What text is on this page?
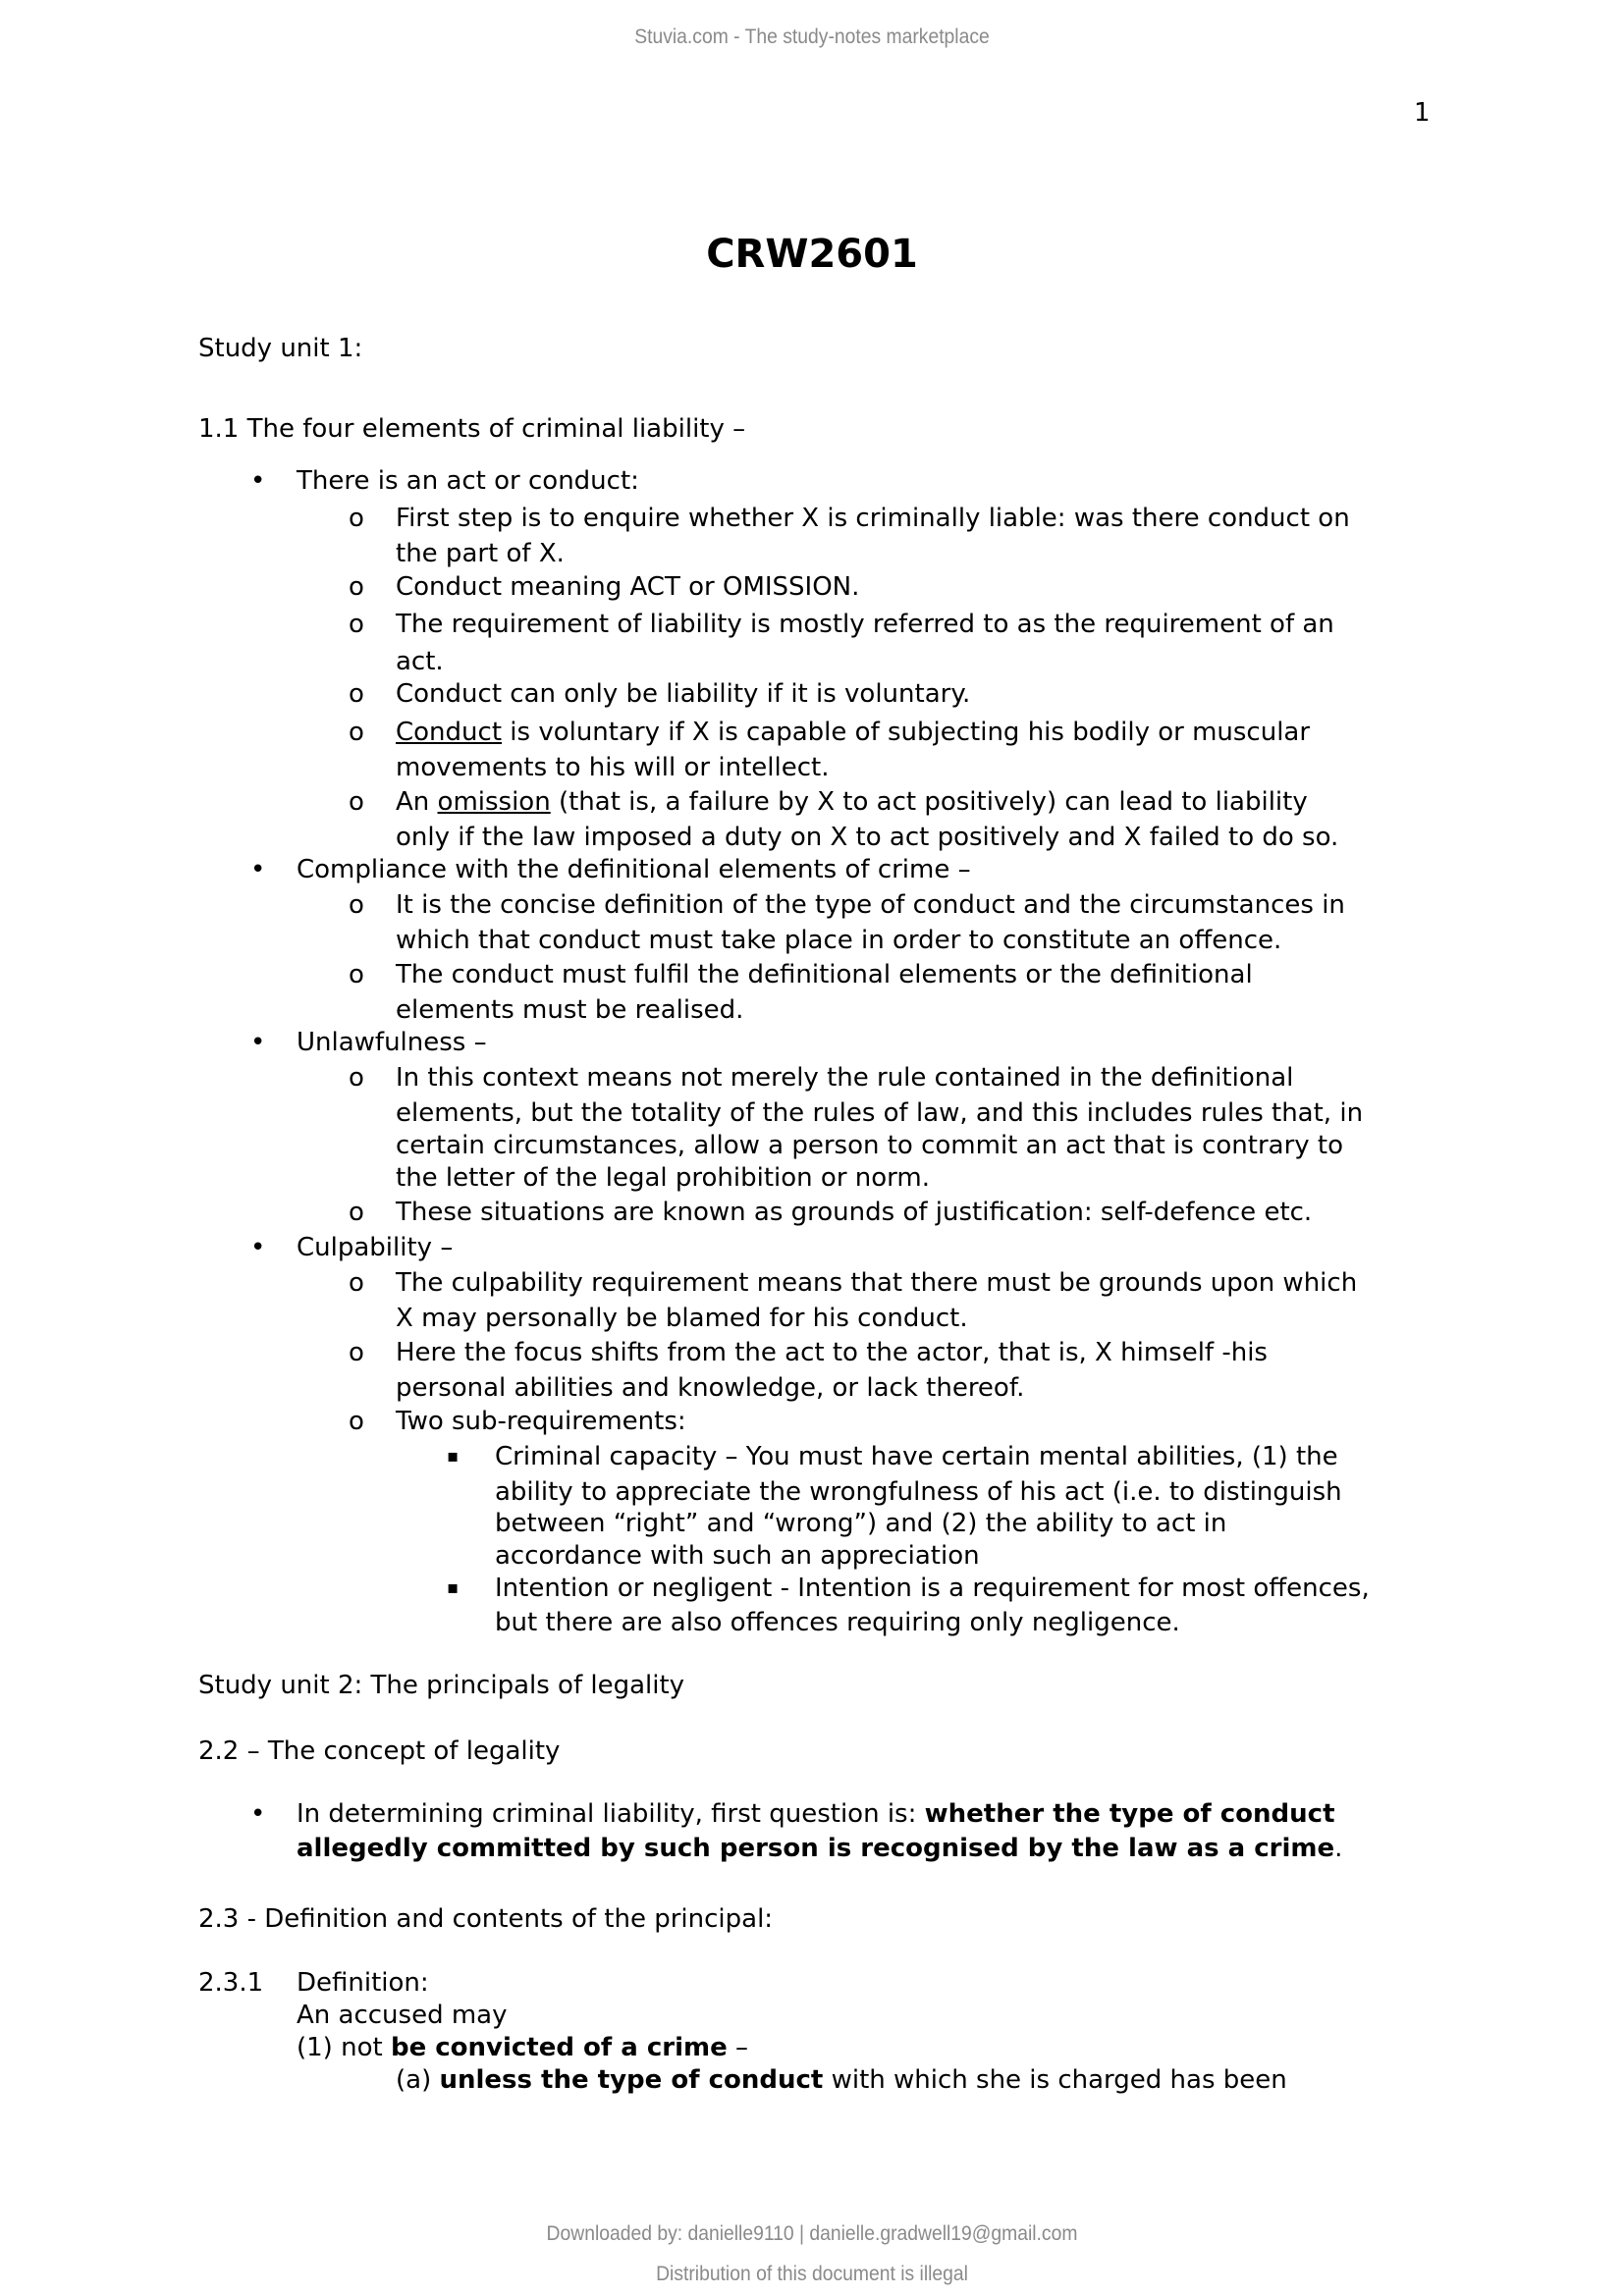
Stuvia.com - The study-notes marketplace
1
CRW2601
Study unit 1:
1.1 The four elements of criminal liability –
• There is an act or conduct:
o First step is to enquire whether X is criminally liable: was there conduct on
the part of X.
o Conduct meaning ACT or OMISSION.
o The requirement of liability is mostly referred to as the requirement of an
act.
o Conduct can only be liability if it is voluntary.
o Conduct is voluntary if X is capable of subjecting his bodily or muscular
movements to his will or intellect.
o An omission (that is, a failure by X to act positively) can lead to liability
only if the law imposed a duty on X to act positively and X failed to do so.
• Compliance with the definitional elements of crime –
o It is the concise definition of the type of conduct and the circumstances in
which that conduct must take place in order to constitute an offence.
o The conduct must fulfil the definitional elements or the definitional
elements must be realised.
• Unlawfulness –
o In this context means not merely the rule contained in the definitional
elements, but the totality of the rules of law, and this includes rules that, in
certain circumstances, allow a person to commit an act that is contrary to
the letter of the legal prohibition or norm.
o These situations are known as grounds of justification: self-defence etc.
• Culpability –
o The culpability requirement means that there must be grounds upon which
X may personally be blamed for his conduct.
o Here the focus shifts from the act to the actor, that is, X himself -his
personal abilities and knowledge, or lack thereof.
o Two sub-requirements:
▪ Criminal capacity – You must have certain mental abilities, (1) the
ability to appreciate the wrongfulness of his act (i.e. to distinguish
between “right” and “wrong”) and (2) the ability to act in
accordance with such an appreciation
▪ Intention or negligent - Intention is a requirement for most offences,
but there are also offences requiring only negligence.
Study unit 2: The principals of legality
2.2 – The concept of legality
• In determining criminal liability, first question is: whether the type of conduct
allegedly committed by such person is recognised by the law as a crime.
2.3 - Definition and contents of the principal:
2.3.1 Definition:
An accused may
(1) not be convicted of a crime –
(a) unless the type of conduct with which she is charged has been
Downloaded by: danielle9110 | danielle.gradwell19@gmail.com
Distribution of this document is illegal
